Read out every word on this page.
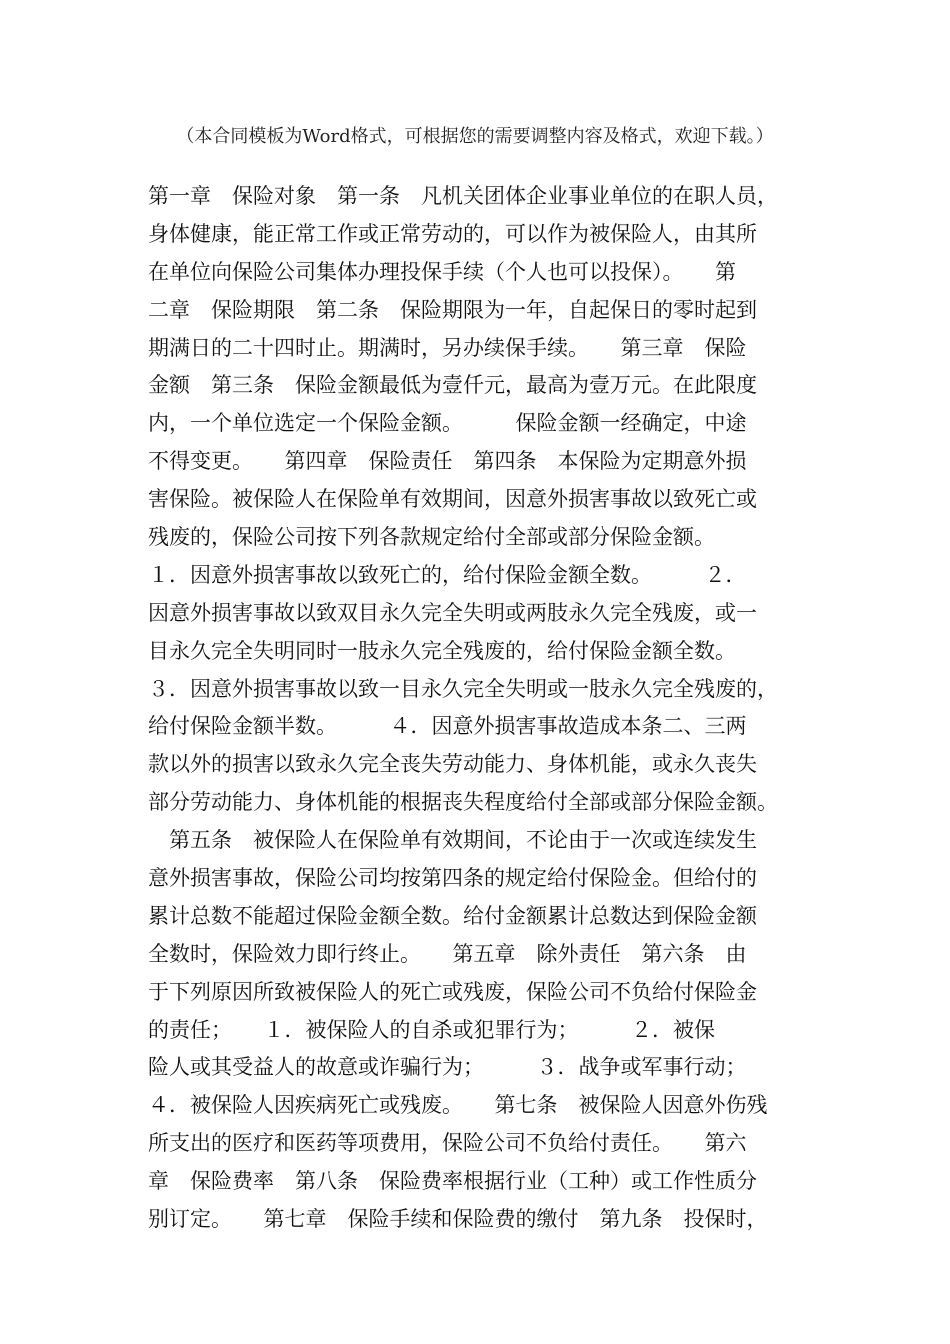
（本合同模板为Word格式，可根据您的需要调整内容及格式，欢迎下载。）
第一章　保险对象　第一条　凡机关团体企业事业单位的在职人员，
身体健康，能正常工作或正常劳动的，可以作为被保险人，由其所
在单位向保险公司集体办理投保手续（个人也可以投保）。　　第
二章　保险期限　第二条　保险期限为一年，自起保日的零时起到
期满日的二十四时止。期满时，另办续保手续。　　第三章　保险
金额　第三条　保险金额最低为壹仟元，最高为壹万元。在此限度
内，一个单位选定一个保险金额。　　　保险金额一经确定，中途
不得变更。　　第四章　保险责任　第四条　本保险为定期意外损
害保险。被保险人在保险单有效期间，因意外损害事故以致死亡或
残废的，保险公司按下列各款规定给付全部或部分保险金额。
１．因意外损害事故以致死亡的，给付保险金额全数。　　　２．
因意外损害事故以致双目永久完全失明或两肢永久完全残废，或一
目永久完全失明同时一肢永久完全残废的，给付保险金额全数。
３．因意外损害事故以致一目永久完全失明或一肢永久完全残废的，
给付保险金额半数。　　　４．因意外损害事故造成本条二、三两
款以外的损害以致永久完全丧失劳动能力、身体机能，或永久丧失
部分劳动能力、身体机能的根据丧失程度给付全部或部分保险金额。
　第五条　被保险人在保险单有效期间，不论由于一次或连续发生
意外损害事故，保险公司均按第四条的规定给付保险金。但给付的
累计总数不能超过保险金额全数。给付金额累计总数达到保险金额
全数时，保险效力即行终止。　　第五章　除外责任　第六条　由
于下列原因所致被保险人的死亡或残废，保险公司不负给付保险金
的责任；　　１．被保险人的自杀或犯罪行为；　　　２．被保
险人或其受益人的故意或诈骗行为；　　　３．战争或军事行动；
４．被保险人因疾病死亡或残废。　　第七条　被保险人因意外伤残
所支出的医疗和医药等项费用，保险公司不负给付责任。　　第六
章　保险费率　第八条　保险费率根据行业（工种）或工作性质分
别订定。　　第七章　保险手续和保险费的缴付　第九条　投保时，
